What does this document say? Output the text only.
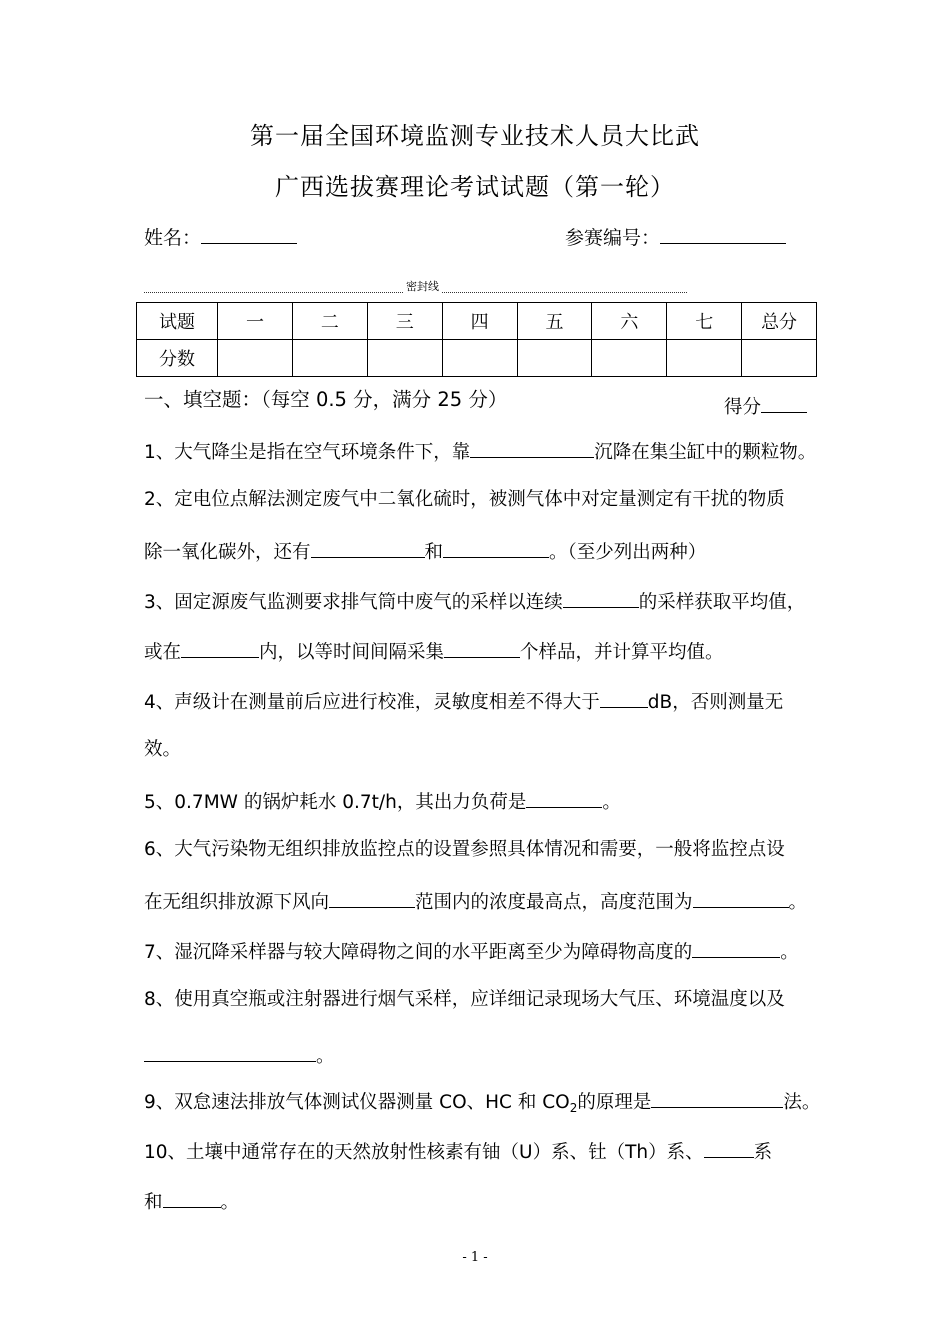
第一届全国环境监测专业技术人员大比武
广西选拔赛理论考试试题（第一轮）
姓名：	参赛编号：
密封线
试题	一	二	三	四	五	六	七	总分
分数								
一、填空题：（每空 0.5 分，满分 25 分）	得分
1、大气降尘是指在空气环境条件下，靠	沉降在集尘缸中的颗粒物。
2、定电位点解法测定废气中二氧化硫时，被测气体中对定量测定有干扰的物质
除一氧化碳外，还有	和	。（至少列出两种）
3、固定源废气监测要求排气筒中废气的采样以连续	的采样获取平均值，
或在	内，以等时间间隔采集	个样品，并计算平均值。
4、声级计在测量前后应进行校准，灵敏度相差不得大于	dB，否则测量无
效。
5、0.7MW 的锅炉耗水 0.7t/h，其出力负荷是	。
6、大气污染物无组织排放监控点的设置参照具体情况和需要，一般将监控点设
在无组织排放源下风向	范围内的浓度最高点，高度范围为	。
7、湿沉降采样器与较大障碍物之间的水平距离至少为障碍物高度的	。
8、使用真空瓶或注射器进行烟气采样，应详细记录现场大气压、环境温度以及
。
9、双怠速法排放气体测试仪器测量 CO、HC 和 $CO_2$的原理是	法。
10、土壤中通常存在的天然放射性核素有铀（U）系、钍（Th）系、	系
和	。
- 1 -
